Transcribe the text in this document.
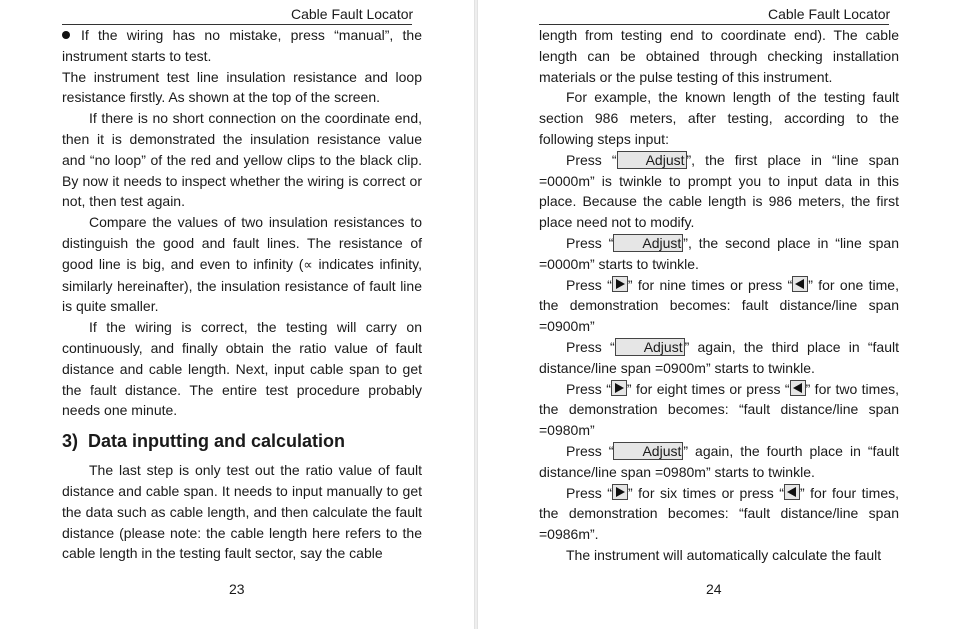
Cable Fault Locator

If the wiring has no mistake, press “manual”, the instrument starts to test.

The instrument test line insulation resistance and loop resistance firstly. As shown at the top of the screen.

If there is no short connection on the coordinate end, then it is demonstrated the insulation resistance value and “no loop” of the red and yellow clips to the black clip. By now it needs to inspect whether the wiring is correct or not, then test again.

Compare the values of two insulation resistances to distinguish the good and fault lines. The resistance of good line is big, and even to infinity (∝ indicates infinity, similarly hereinafter), the insulation resistance of fault line is quite smaller.

If the wiring is correct, the testing will carry on continuously, and finally obtain the ratio value of fault distance and cable length. Next, input cable span to get the fault distance. The entire test procedure probably needs one minute.

3)  Data inputting and calculation

The last step is only test out the ratio value of fault distance and cable span. It needs to input manually to get the data such as cable length, and then calculate the fault distance (please note: the cable length here refers to the cable length in the testing fault sector, say the cable

23
Cable Fault Locator

length from testing end to coordinate end). The cable length can be obtained through checking installation materials or the pulse testing of this instrument.

For example, the known length of the testing fault section 986 meters, after testing, according to the following steps input:

Press “ Adjust ”, the first place in “line span =0000m” is twinkle to prompt you to input data in this place. Because the cable length is 986 meters, the first place need not to modify.

Press “ Adjust ”, the second place in “line span =0000m” starts to twinkle.

Press “ ” for nine times or press “ ” for one time, the demonstration becomes: fault distance/line span =0900m”

Press “ Adjust ” again, the third place in “fault distance/line span =0900m” starts to twinkle.

Press “ ” for eight times or press “ ” for two times, the demonstration becomes: “fault distance/line span =0980m”

Press “ Adjust ” again, the fourth place in “fault distance/line span =0980m” starts to twinkle.

Press “ ” for six times or press “ ” for four times, the demonstration becomes: “fault distance/line span =0986m”.

The instrument will automatically calculate the fault

24
